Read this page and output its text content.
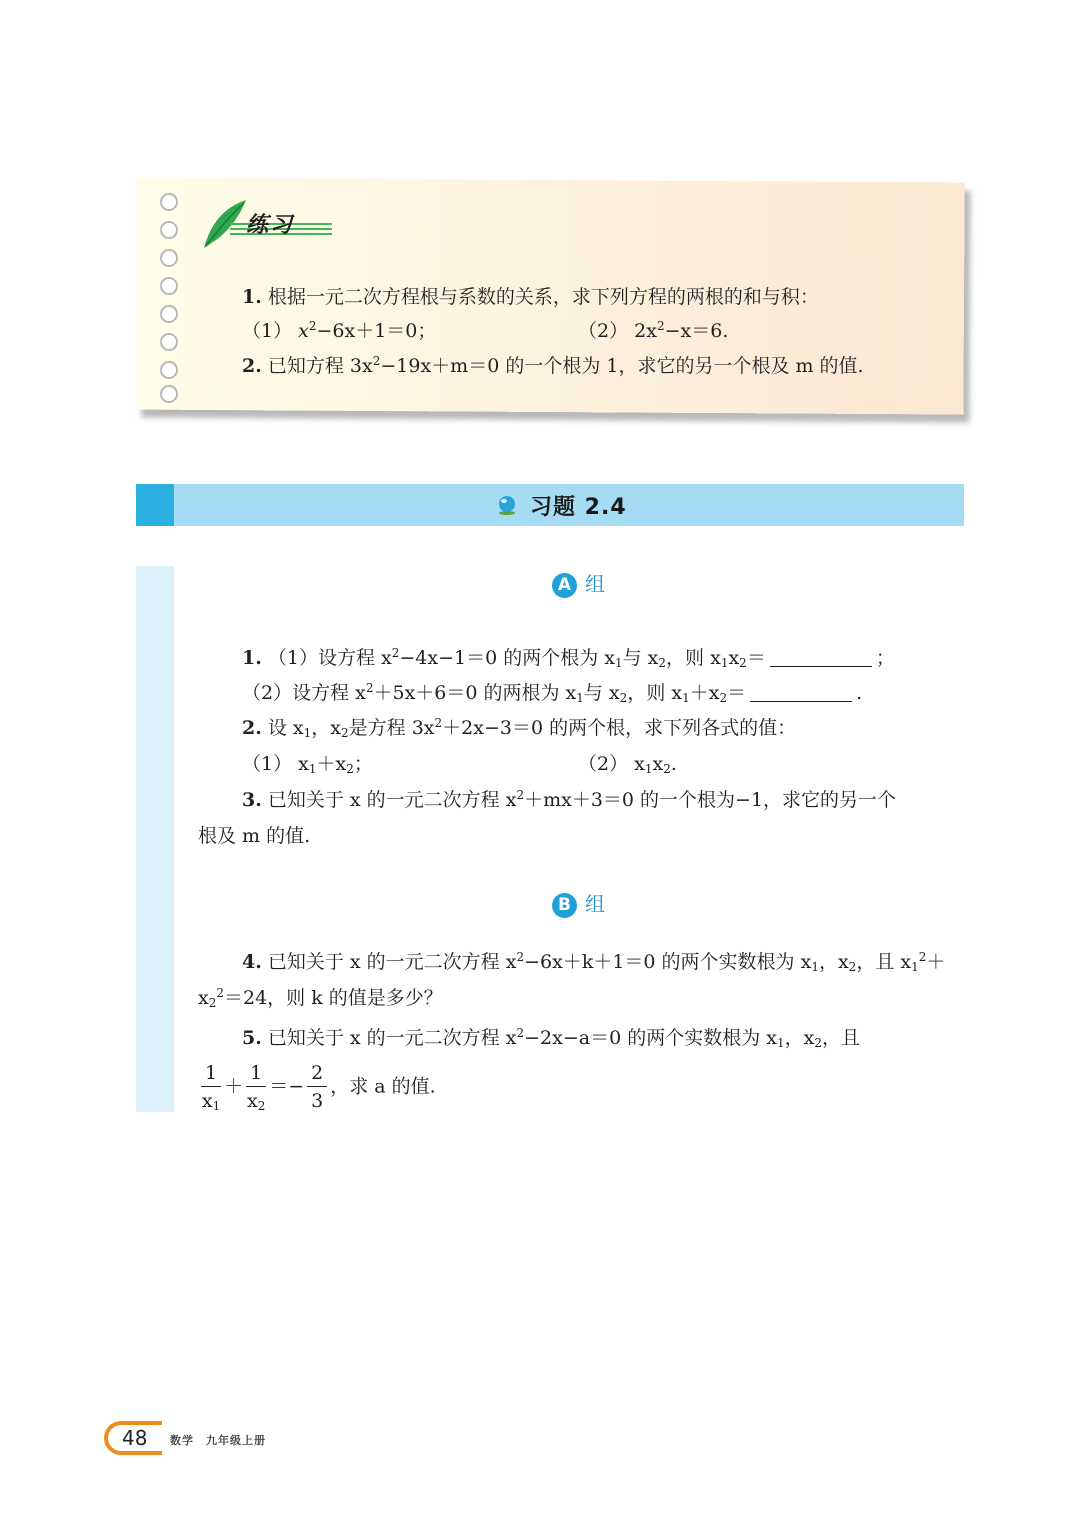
练习
1. 根据一元二次方程根与系数的关系，求下列方程的两根的和与积：
（1） $x^2-6x+1=0$；	（2） $2x^2-x=6$.
2. 已知方程 $3x^2-19x+m=0$ 的一个根为 1，求它的另一个根及 m 的值.
习题 2.4
A 组
1. （1）设方程 $x^2-4x-1=0$ 的两个根为 $x_1$与 $x_2$，则 $x_1x_2=$	；
（2）设方程 $x^2+5x+6=0$ 的两根为 $x_1$与 $x_2$，则 $x_1+x_2=$	.
2. 设 $x_1$，$x_2$是方程 $3x^2+2x-3=0$ 的两个根，求下列各式的值：
（1） $x_1+x_2$；	（2） $x_1x_2$.
3. 已知关于 x 的一元二次方程 $x^2+mx+3=0$ 的一个根为−1，求它的另一个
根及 m 的值.
B 组
4. 已知关于 x 的一元二次方程 $x^2-6x+k+1=0$ 的两个实数根为 $x_1$，$x_2$，且 $x_1^2+$
$x_2^2=24$，则 k 的值是多少？
5. 已知关于 x 的一元二次方程 $x^2-2x-a=0$ 的两个实数根为 $x_1$，$x_2$，且
$\frac{1}{x_1} + \frac{1}{x_2} =- \frac{2}{3}$ ，求 a 的值.
48 数学　九年级上册
